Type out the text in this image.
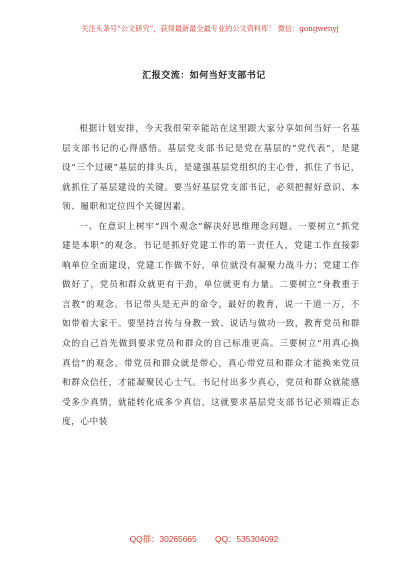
关注头条号“公文研究”，获得最新最全最专业的公文资料库！ 微信：gongwenyj
汇报交流：如何当好支部书记

根据计划安排，今天我很荣幸能站在这里跟大家分享如何当好一名基层支部书记的心得感悟。基层党支部书记是党在基层的“党代表”，是建设“三个过硬”基层的排头兵，是建强基层党组织的主心骨，抓住了书记，就抓住了基层建设的关键。要当好基层党支部书记，必须把握好意识、本领、履职和定位四个关键因素。

一、在意识上树牢“四个观念”解决好思维理念问题。一要树立“抓党建是本职”的观念。书记是抓好党建工作的第一责任人，党建工作直接影响单位全面建设，党建工作做不好，单位就没有凝聚力战斗力；党建工作做好了，党员和群众就更有干劲，单位就更有力量。二要树立“身教重于言教”的观念。书记带头是无声的命令，最好的教育，说一千道一万，不如带着大家干。要坚持言传与身教一致、说话与做功一致，教育党员和群众的自己首先做到要求党员和群众的自己标准更高。三要树立“用真心换真信”的观念。带党员和群众就是带心，真心带党员和群众才能换来党员和群众信任，才能凝聚民心士气。书记付出多少真心，党员和群众就能感受多少真情，就能转化成多少真信，这就要求基层党支部书记必须端正态度，心中装

QQ群：30265665 QQ：535304092
